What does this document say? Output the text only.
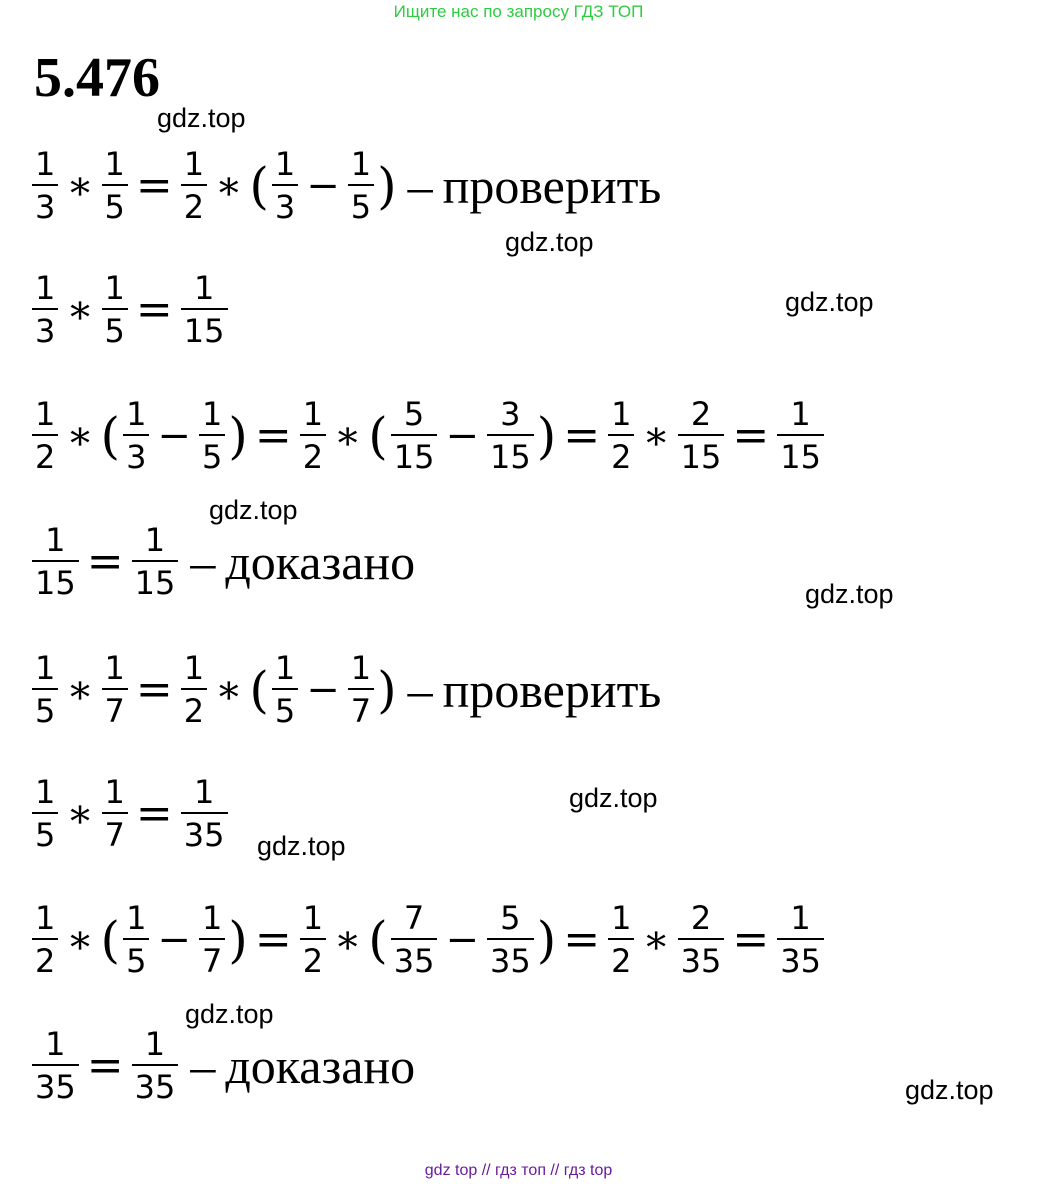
Ищите нас по запросу ГДЗ ТОП
5.476
gdz.top
gdz.top
gdz.top
gdz.top
gdz.top
gdz.top
gdz.top
gdz.top
gdz.top
$\frac{1}{3}$ ∗ $\frac{1}{5} = \frac{1}{2}$ ∗ ( $\frac{1}{3} - \frac{1}{5}$ ) – проверить
$\frac{1}{3}$ ∗ $\frac{1}{5} = \frac{1}{15}$
$\frac{1}{2}$ ∗ ( $\frac{1}{3} - \frac{1}{5}$ ) = $\frac{1}{2}$ ∗ ( $\frac{5}{15} - \frac{3}{15}$ ) = $\frac{1}{2}$ ∗ $\frac{2}{15} = \frac{1}{15}$
$\frac{1}{15} = \frac{1}{15}$ – доказано
$\frac{1}{5}$ ∗ $\frac{1}{7} = \frac{1}{2}$ ∗ ( $\frac{1}{5} - \frac{1}{7}$ ) – проверить
$\frac{1}{5}$ ∗ $\frac{1}{7} = \frac{1}{35}$
$\frac{1}{2}$ ∗ ( $\frac{1}{5} - \frac{1}{7}$ ) = $\frac{1}{2}$ ∗ ( $\frac{7}{35} - \frac{5}{35}$ ) = $\frac{1}{2}$ ∗ $\frac{2}{35} = \frac{1}{35}$
$\frac{1}{35} = \frac{1}{35}$ – доказано
gdz top // гдз топ // гдз top
